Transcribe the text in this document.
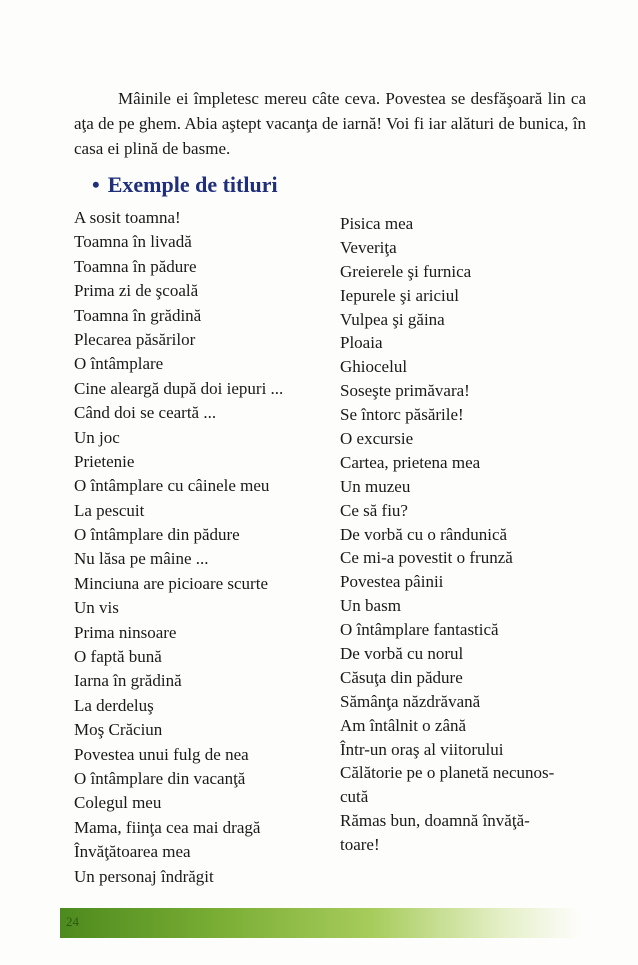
Mâinile ei împletesc mereu câte ceva. Povestea se desfăşoară lin ca aţa de pe ghem. Abia aştept vacanţa de iarnă! Voi fi iar alături de bunica, în casa ei plină de basme.

• Exemple de titluri
A sosit toamna!
Toamna în livadă
Toamna în pădure
Prima zi de şcoală
Toamna în grădină
Plecarea păsărilor
O întâmplare
Cine aleargă după doi iepuri ...
Când doi se ceartă ...
Un joc
Prietenie
O întâmplare cu câinele meu
La pescuit
O întâmplare din pădure
Nu lăsa pe mâine ...
Minciuna are picioare scurte
Un vis
Prima ninsoare
O faptă bună
Iarna în grădină
La derdeluş
Moş Crăciun
Povestea unui fulg de nea
O întâmplare din vacanţă
Colegul meu
Mama, fiinţa cea mai dragă
Învăţătoarea mea
Un personaj îndrăgit
Pisica mea
Veveriţa
Greierele şi furnica
Iepurele şi ariciul
Vulpea şi găina
Ploaia
Ghiocelul
Soseşte primăvara!
Se întorc păsările!
O excursie
Cartea, prietena mea
Un muzeu
Ce să fiu?
De vorbă cu o rândunică
Ce mi-a povestit o frunză
Povestea pâinii
Un basm
O întâmplare fantastică
De vorbă cu norul
Căsuţa din pădure
Sămânţa năzdrăvană
Am întâlnit o zână
Într-un oraş al viitorului
Călătorie pe o planetă necunos-
cută
Rămas bun, doamnă învăţă-
toare!
24
